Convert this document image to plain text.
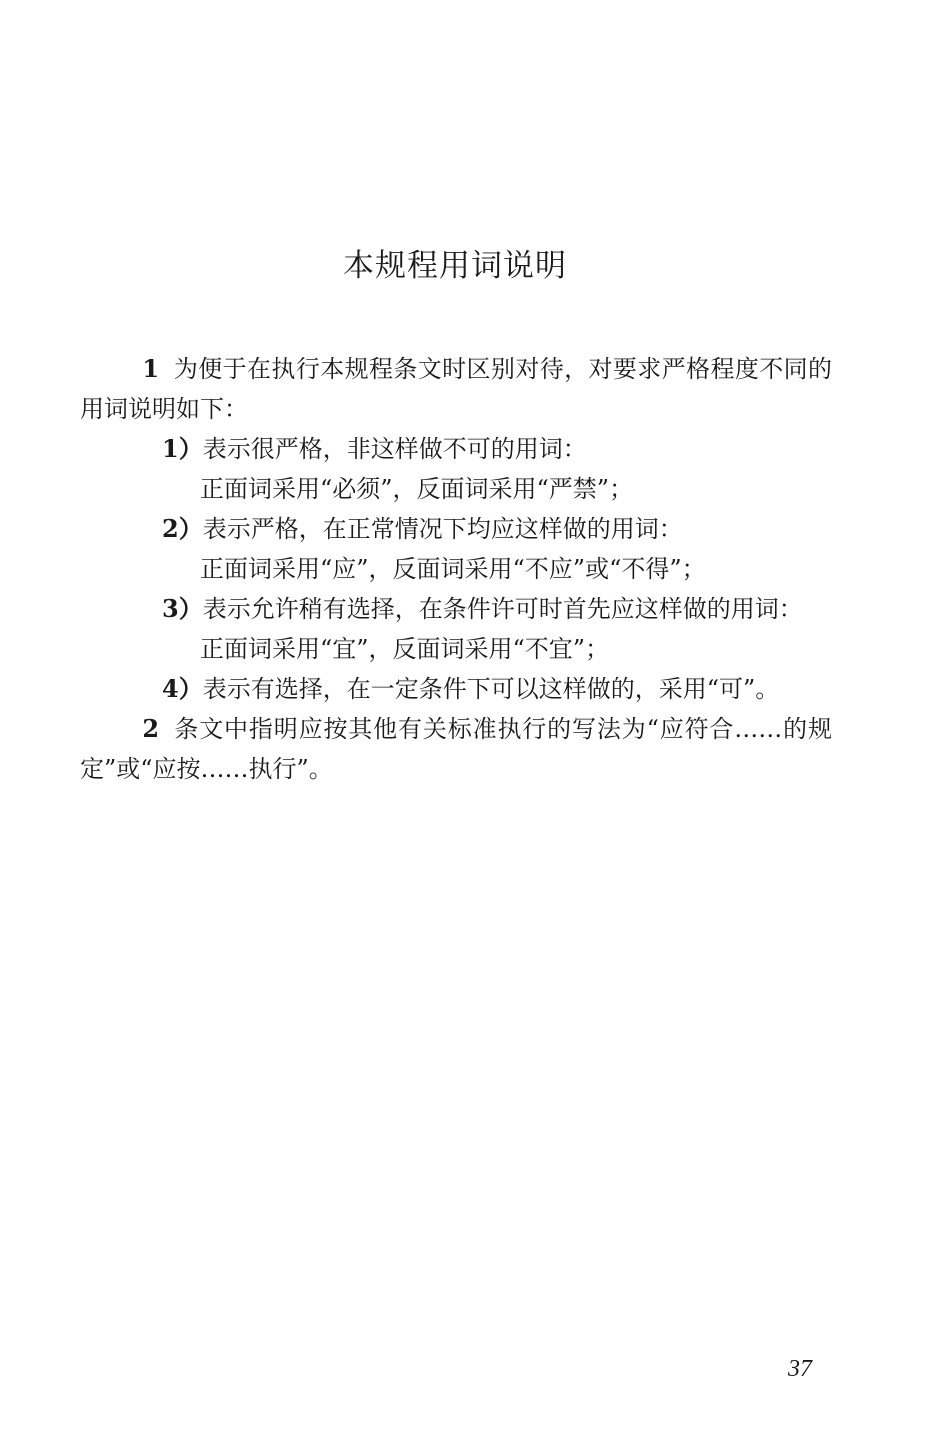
本规程用词说明

1 为便于在执行本规程条文时区别对待，对要求严格程度不同的用词说明如下：

1） 表示很严格，非这样做不可的用词：
正面词采用“必须”，反面词采用“严禁”；
2） 表示严格，在正常情况下均应这样做的用词：
正面词采用“应”，反面词采用“不应”或“不得”；
3） 表示允许稍有选择，在条件许可时首先应这样做的用词：
正面词采用“宜”，反面词采用“不宜”；
4） 表示有选择，在一定条件下可以这样做的，采用“可”。

2 条文中指明应按其他有关标准执行的写法为“应符合……的规定”或“应按……执行”。

37
